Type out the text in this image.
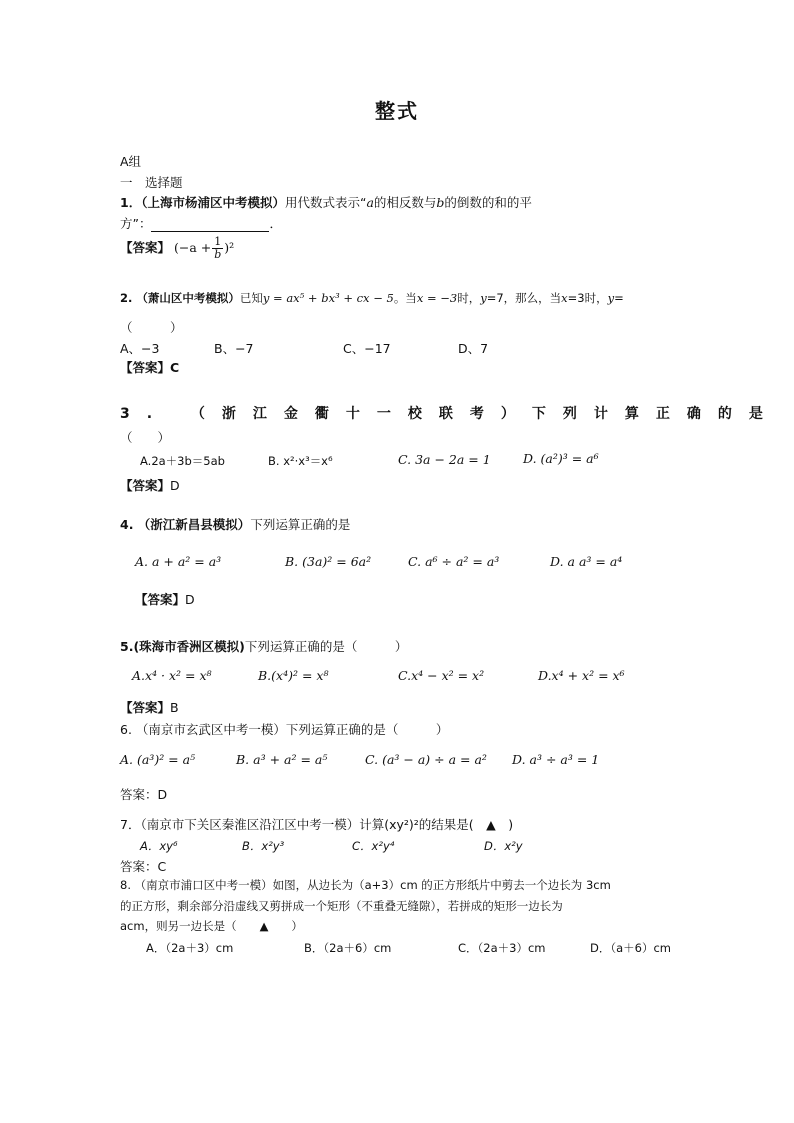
整式
A组
一　选择题
1．（上海市杨浦区中考模拟）用代数式表示“a的相反数与b的倒数的和的平
方”：	．
【答案】 $(-a + \frac{1}{b} )^2$
2. （萧山区中考模拟）已知y = ax⁵ + bx³ + cx − 5。当x = −3时，y=7，那么，当x=3时，y=
（　　　）
A、−3	B、−7	C、−17	D、7
【答案】C
3. （浙江金衢十一校联考）下列计算正确的是
（　　）
A.2a＋3b＝5ab	B. x²·x³＝x⁶	C. 3a − 2a = 1	D. (a²)³ = a⁶
【答案】D
4. （浙江新昌县模拟）下列运算正确的是
A. a + a² = a³	B. (3a)² = 6a²	C. a⁶ ÷ a² = a³	D. a a³ = a⁴
【答案】D
5.(珠海市香洲区模拟)下列运算正确的是（　　　）
A.x⁴ · x² = x⁸	B.(x⁴)² = x⁸	C.x⁴ − x² = x²	D.x⁴ + x² = x⁶
【答案】B
6. （南京市玄武区中考一模）下列运算正确的是（　　　）
A. (a³)² = a⁵	B. a³ + a² = a⁵	C. (a³ − a) ÷ a = a² D. a³ ÷ a³ = 1
答案：D
7．（南京市下关区秦淮区沿江区中考一模）计算(xy²)²的结果是(　▲　)
A．xy⁶	B．x²y³	C．x²y⁴	D．x²y
答案：C
8. （南京市浦口区中考一模）如图，从边长为（a+3）cm 的正方形纸片中剪去一个边长为 3cm
的正方形，剩余部分沿虚线又剪拼成一个矩形（不重叠无缝隙），若拼成的矩形一边长为
acm，则另一边长是（　　▲　　）
A．（2a＋3）cm	B．（2a＋6）cm	C．（2a＋3）cm	D．（a＋6）cm
